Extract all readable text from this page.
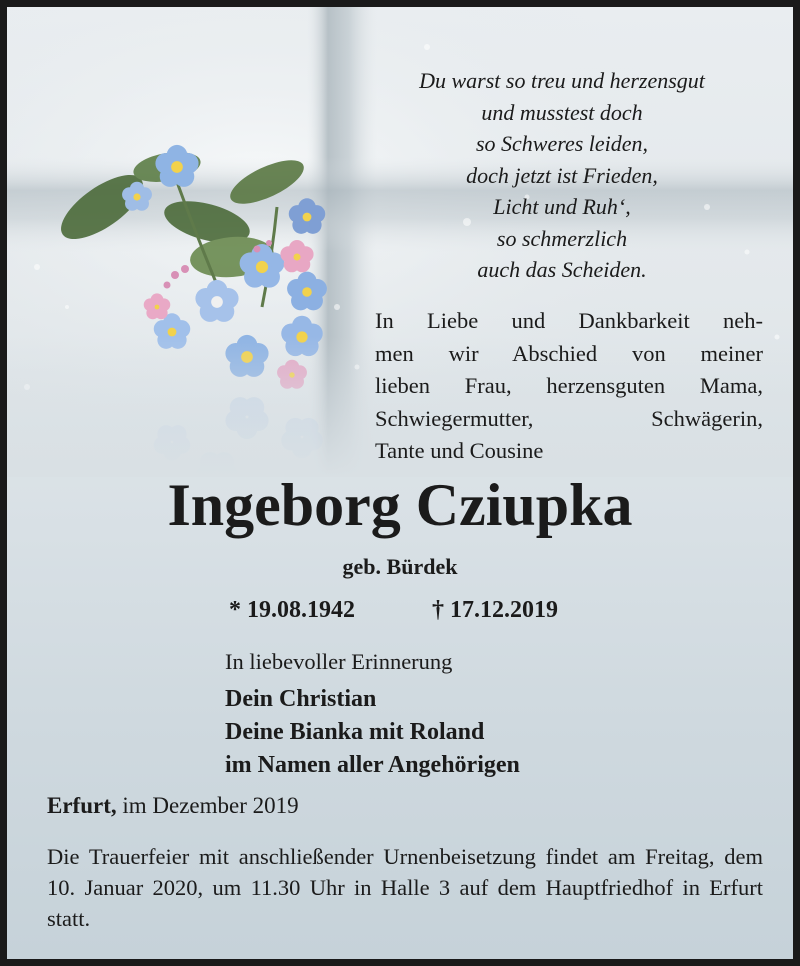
Du warst so treu und herzensgut
und musstest doch
so Schweres leiden,
doch jetzt ist Frieden,
Licht und Ruh‘,
so schmerzlich
auch das Scheiden.
In Liebe und Dankbarkeit neh-
men wir Abschied von meiner
lieben Frau, herzensguten Mama,
Schwiegermutter, Schwägerin,
Tante und Cousine
Ingeborg Cziupka
geb. Bürdek
* 19.08.1942	† 17.12.2019
In liebevoller Erinnerung
Dein Christian
Deine Bianka mit Roland
im Namen aller Angehörigen
Erfurt, im Dezember 2019
Die Trauerfeier mit anschließender Urnenbeisetzung findet am Freitag, dem 10. Januar 2020, um 11.30 Uhr in Halle 3 auf dem Hauptfriedhof in Erfurt statt.
